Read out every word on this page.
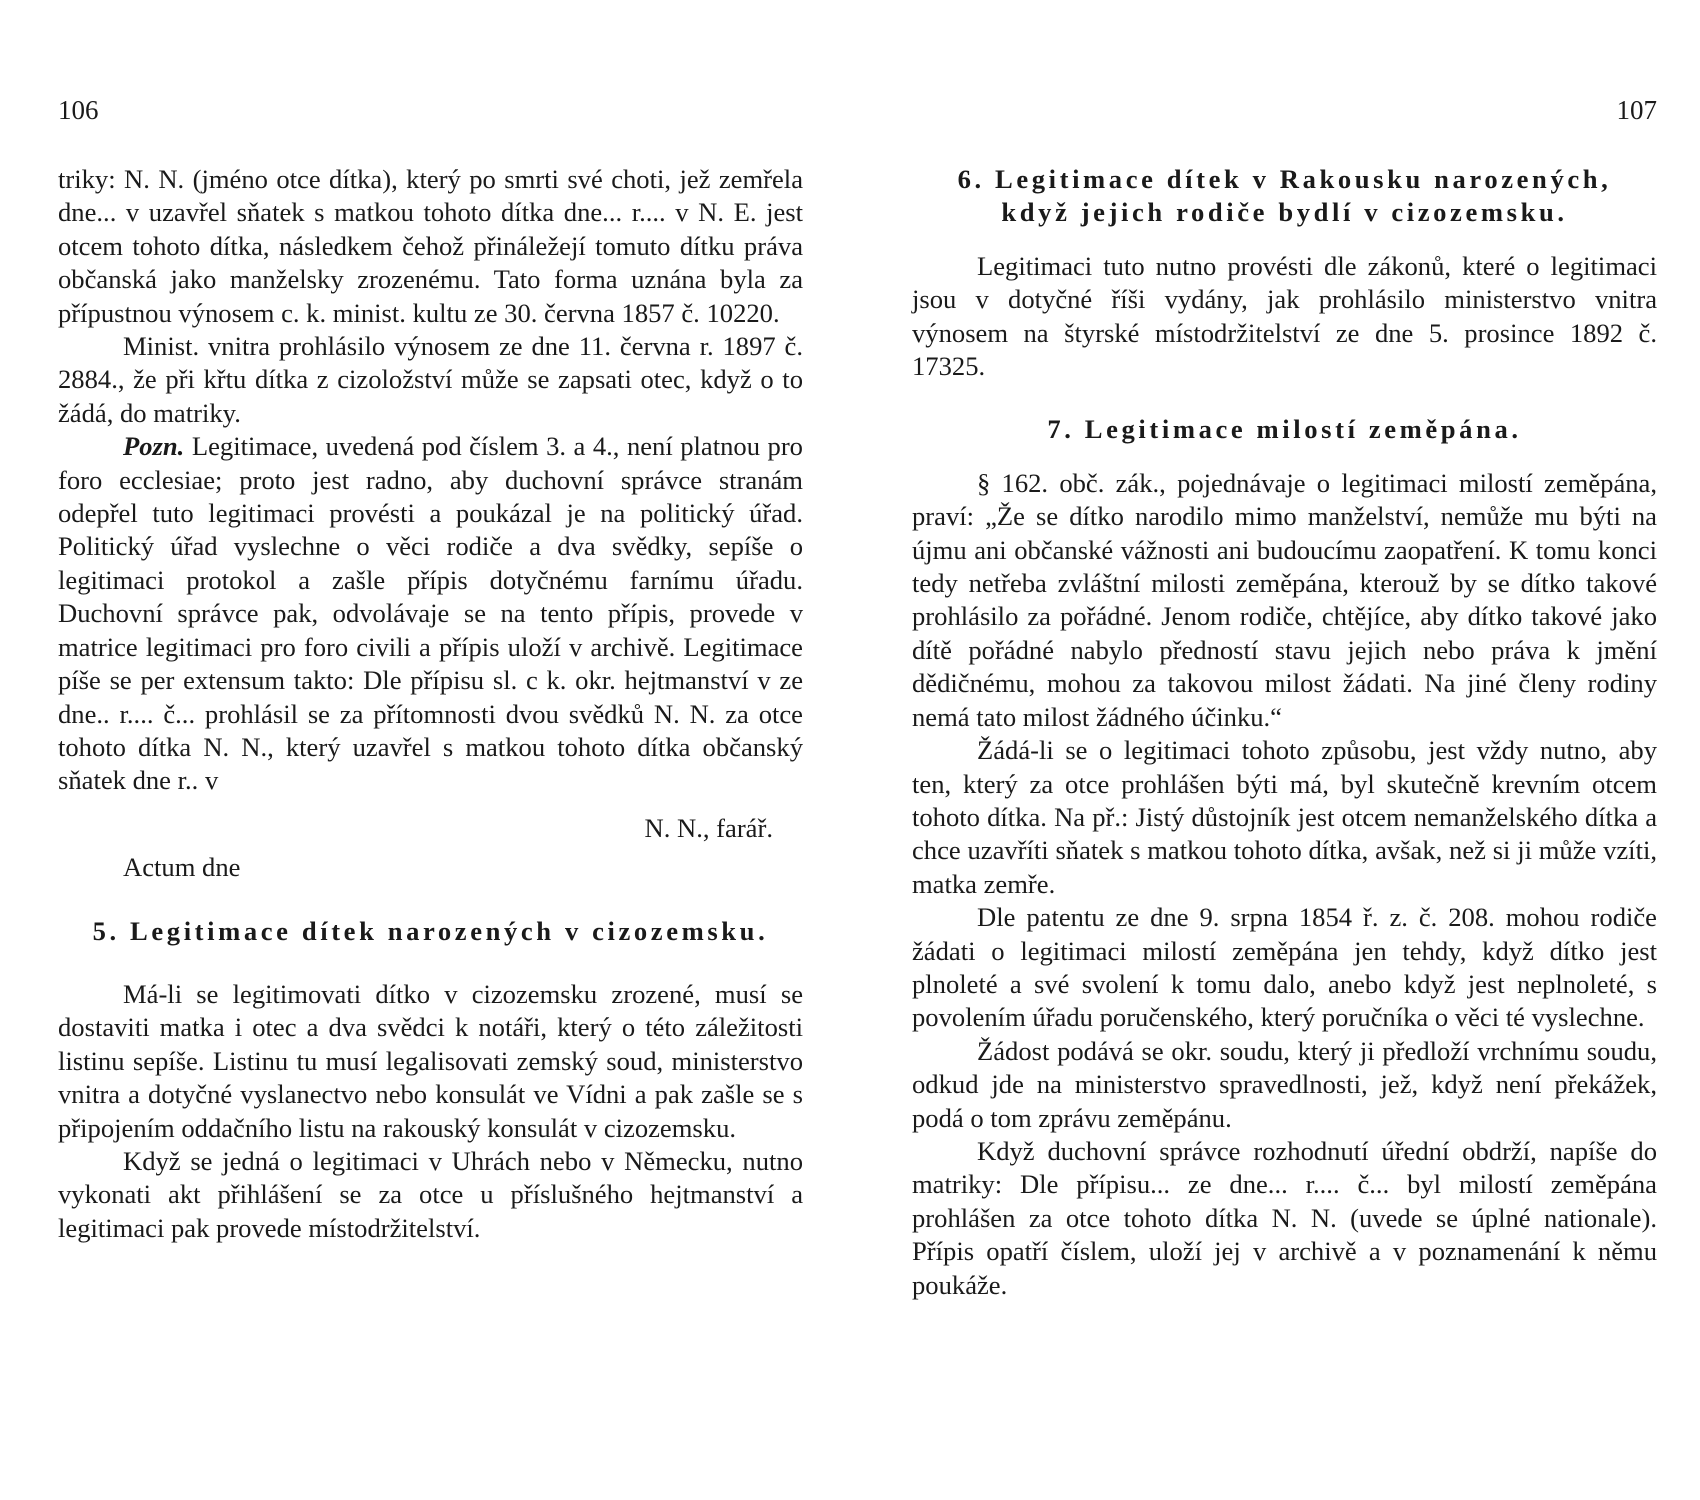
106

triky: N. N. (jméno otce dítka), který po smrti své choti, jež zemřela dne... v uzavřel sňatek s matkou tohoto dítka dne... r.... v N. E. jest otcem tohoto dítka, následkem čehož přináležejí tomuto dítku práva občanská jako manželsky zrozenému. Tato forma uznána byla za přípustnou výnosem c. k. minist. kultu ze 30. června 1857 č. 10220.

Minist. vnitra prohlásilo výnosem ze dne 11. června r. 1897 č. 2884., že při křtu dítka z cizoložství může se zapsati otec, když o to žádá, do matriky.

Pozn. Legitimace, uvedená pod číslem 3. a 4., není platnou pro foro ecclesiae; proto jest radno, aby duchovní správce stranám odepřel tuto legitimaci provésti a poukázal je na politický úřad. Politický úřad vyslechne o věci rodiče a dva svědky, sepíše o legitimaci protokol a zašle přípis dotyčnému farnímu úřadu. Duchovní správce pak, odvolávaje se na tento přípis, provede v matrice legitimaci pro foro civili a přípis uloží v archivě. Legitimace píše se per extensum takto: Dle přípisu sl. c k. okr. hejtmanství v ze dne.. r.... č... prohlásil se za přítomnosti dvou svědků N. N. za otce tohoto dítka N. N., který uzavřel s matkou tohoto dítka občanský sňatek dne r.. v

N. N., farář.

Actum dne

5. Legitimace dítek narozených v cizozemsku.

Má-li se legitimovati dítko v cizozemsku zrozené, musí se dostaviti matka i otec a dva svědci k notáři, který o této záležitosti listinu sepíše. Listinu tu musí legalisovati zemský soud, ministerstvo vnitra a dotyčné vyslanectvo nebo konsulát ve Vídni a pak zašle se s připojením oddačního listu na rakouský konsulát v cizozemsku.

Když se jedná o legitimaci v Uhrách nebo v Německu, nutno vykonati akt přihlášení se za otce u příslušného hejtmanství a legitimaci pak provede místodržitelství.

107
6. Legitimace dítek v Rakousku narozených,
když jejich rodiče bydlí v cizozemsku.

Legitimaci tuto nutno provésti dle zákonů, které o legitimaci jsou v dotyčné říši vydány, jak prohlásilo ministerstvo vnitra výnosem na štyrské místodržitelství ze dne 5. prosince 1892 č. 17325.

7. Legitimace milostí zeměpána.

§ 162. obč. zák., pojednávaje o legitimaci milostí zeměpána, praví: „Že se dítko narodilo mimo manželství, nemůže mu býti na újmu ani občanské vážnosti ani budoucímu zaopatření. K tomu konci tedy netřeba zvláštní milosti zeměpána, kterouž by se dítko takové prohlásilo za pořádné. Jenom rodiče, chtějíce, aby dítko takové jako dítě pořádné nabylo předností stavu jejich nebo práva k jmění dědičnému, mohou za takovou milost žádati. Na jiné členy rodiny nemá tato milost žádného účinku.“

Žádá-li se o legitimaci tohoto způsobu, jest vždy nutno, aby ten, který za otce prohlášen býti má, byl skutečně krevním otcem tohoto dítka. Na př.: Jistý důstojník jest otcem nemanželského dítka a chce uzavříti sňatek s matkou tohoto dítka, avšak, než si ji může vzíti, matka zemře.

Dle patentu ze dne 9. srpna 1854 ř. z. č. 208. mohou rodiče žádati o legitimaci milostí zeměpána jen tehdy, když dítko jest plnoleté a své svolení k tomu dalo, anebo když jest neplnoleté, s povolením úřadu poručenského, který poručníka o věci té vyslechne.

Žádost podává se okr. soudu, který ji předloží vrchnímu soudu, odkud jde na ministerstvo spravedlnosti, jež, když není překážek, podá o tom zprávu zeměpánu.

Když duchovní správce rozhodnutí úřední obdrží, napíše do matriky: Dle přípisu... ze dne... r.... č... byl milostí zeměpána prohlášen za otce tohoto dítka N. N. (uvede se úplné nationale). Přípis opatří číslem, uloží jej v archivě a v poznamenání k němu poukáže.
